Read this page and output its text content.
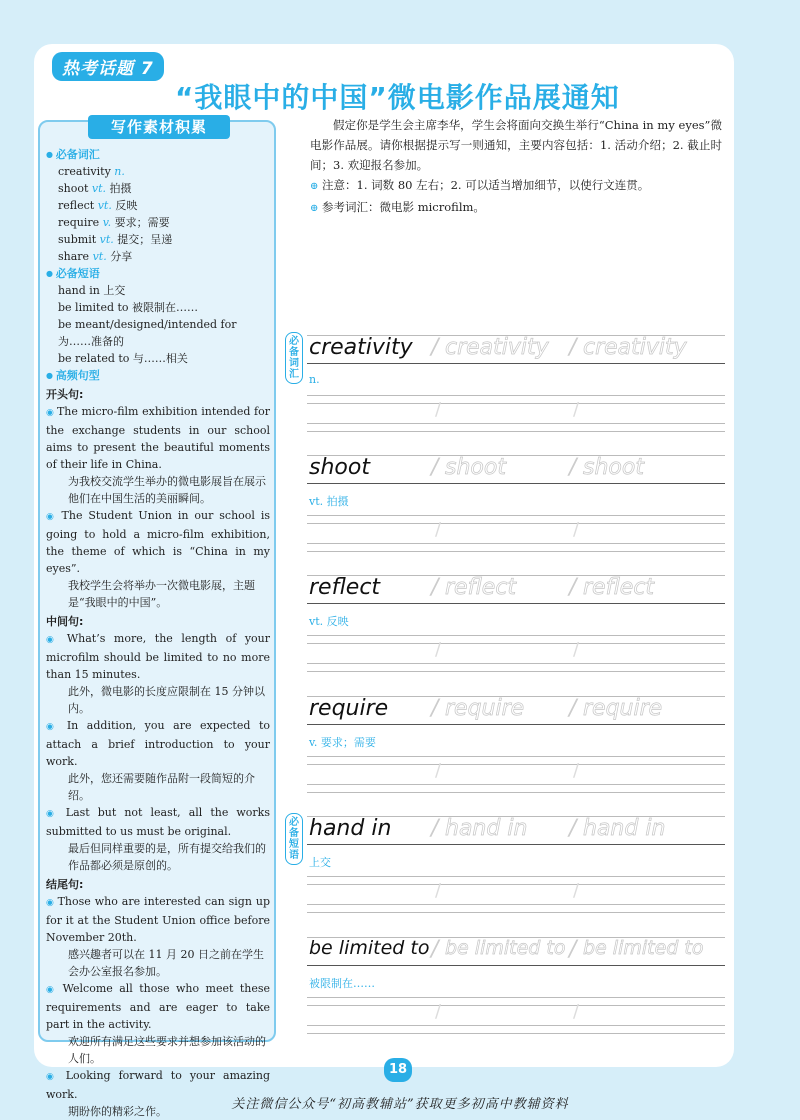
热考话题 7
“我眼中的中国”微电影作品展通知
写作素材积累
● 必备词汇
creativity n.
shoot vt. 拍摄
reflect vt. 反映
require v. 要求；需要
submit vt. 提交；呈递
share vt. 分享
● 必备短语
hand in 上交
be limited to 被限制在……
be meant/designed/intended for 为……准备的
be related to 与……相关
● 高频句型
开头句:
◉ The micro-film exhibition intended for the exchange students in our school aims to present the beautiful moments of their life in China.
为我校交流学生举办的微电影展旨在展示他们在中国生活的美丽瞬间。
◉ The Student Union in our school is going to hold a micro-film exhibition, the theme of which is “China in my eyes”.
我校学生会将举办一次微电影展，主题是“我眼中的中国”。
中间句:
◉ What’s more, the length of your microfilm should be limited to no more than 15 minutes.
此外，微电影的长度应限制在 15 分钟以内。
◉ In addition, you are expected to attach a brief introduction to your work.
此外，您还需要随作品附一段简短的介绍。
◉ Last but not least, all the works submitted to us must be original.
最后但同样重要的是，所有提交给我们的作品都必须是原创的。
结尾句:
◉ Those who are interested can sign up for it at the Student Union office before November 20th.
感兴趣者可以在 11 月 20 日之前在学生会办公室报名参加。
◉ Welcome all those who meet these requirements and are eager to take part in the activity.
欢迎所有满足这些要求并想参加该活动的人们。
◉ Looking forward to your amazing work.
期盼你的精彩之作。

假定你是学生会主席李华，学生会将面向交换生举行“China in my eyes”微电影作品展。请你根据提示写一则通知，主要内容包括：1. 活动介绍；2. 截止时间；3. 欢迎报名参加。

⊕ 注意：1. 词数 80 左右；2. 可以适当增加细节，以使行文连贯。

⊕ 参考词汇：微电影 microfilm。

必备词汇
必备短语
creativity / creativity / creativity
n.
/	/
shoot	/ shoot	/ shoot
vt. 拍摄
/	/
reflect / reflect / reflect
vt. 反映
/	/
require / require / require
v. 要求；需要
/	/
hand in / hand in / hand in
上交
/	/
be limited to / be limited to / be limited to
被限制在……
/	/
18
关注微信公众号“初高教辅站”获取更多初高中教辅资料
